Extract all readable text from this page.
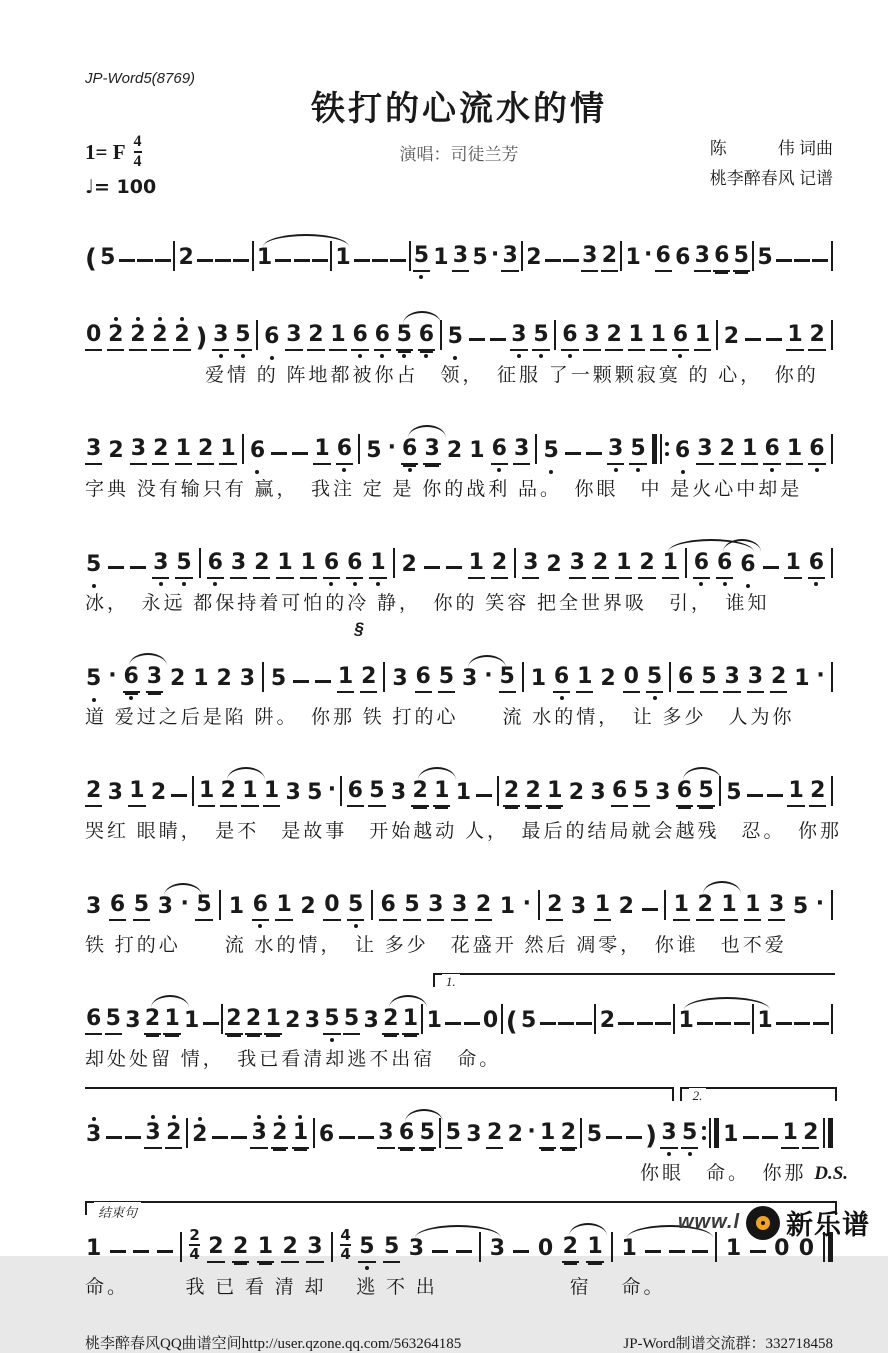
JP-Word5(8769)
铁打的心流水的情
1= F $\frac{4}{4}$
♩= 100
演唱：司徒兰芳	陈　　　伟 词曲
桃李醉春风 记谱
( 5	2	1	1	5 1 3 5 · 3 2 3 2 1 · 6 6 3 6 5 5
0 2 2 2 2 ) 3 5 6 3 2 1 6 6 5 6 5 3 5 6 3 2 1 1 6 1 2 1 2
爱情 的 阵地都被你占　领，　征服 了一颗颗寂寞 的 心，　你的
3 2 3 2 1 2 1 6 1 6 5 · 6 3 2 1 6 3 5 3 5 6 3 2 1 6 1 6
字典 没有输只有 赢，　我注 定 是 你的战利 品。　你眼　中 是火心中却是
5 3 5 6 3 2 1 1 6 6 1 2 1 2 3 2 3 2 1 2 1 6 6 6 1 6
冰，　永远 都保持着可怕的冷 静，　你的 笑容 把全世界吸　引，　谁知
§
5 · 6 3 2 1 2 3 5 1 2 3 6 5 3 · 5 1 6 1 2 0 5 6 5 3 3 2 1 ·
道 爱过之后是陷 阱。　你那 铁 打的心　　流 水的情，　让 多少　人为你
2 3 1 2 1 2 1 1 3 5 · 6 5 3 2 1 1 2 2 1 2 3 6 5 3 6 5 5 1 2
哭红 眼睛，　是不　是故事　开始越动 人，　最后的结局就会越残　忍。　你那
3 6 5 3 · 5 1 6 1 2 0 5 6 5 3 3 2 1 · 2 3 1 2 1 2 1 1 3 5 ·
铁 打的心　　流 水的情，　让 多少　花盛开 然后 凋零，　你谁　也不爱
1.
6 5 3 2 1 1 2 2 1 2 3 5 5 3 2 1 1 0 ( 5	2	1	1
却处处留 情，　我已看清却逃不出宿　命。
2.
3 3 2 2 3 2 1 6 3 6 5 5 3 2 2 · 1 2 5 ) 3 5 1 1 2
你眼　命。　你那 D.S.
结束句
1	$\frac{2}{4} 2$ 2 1 2 $3 \frac{4}{4} 5$ 5 3	3 0 2 1 1	1 0 0
命。　　　我 已 看 清 却　 逃 不 出　　　　　　宿　 命。
桃李醉春风QQ曲谱空间http://user.qzone.qq.com/563264185	JP-Word制谱交流群：332718458
www.l 新乐谱
